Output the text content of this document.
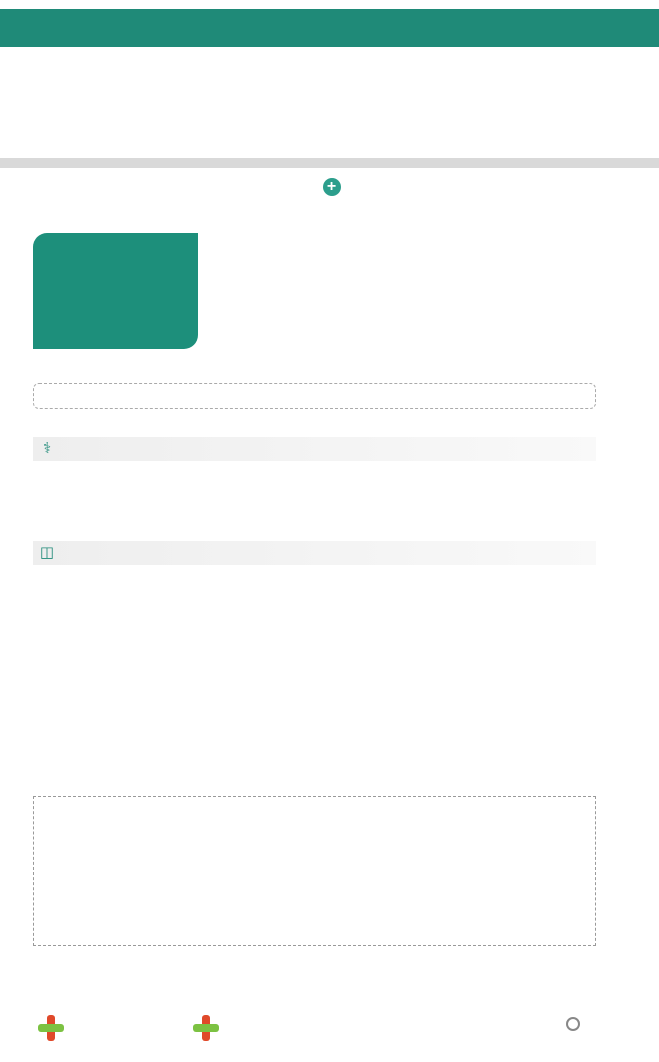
+
⚕
◫
